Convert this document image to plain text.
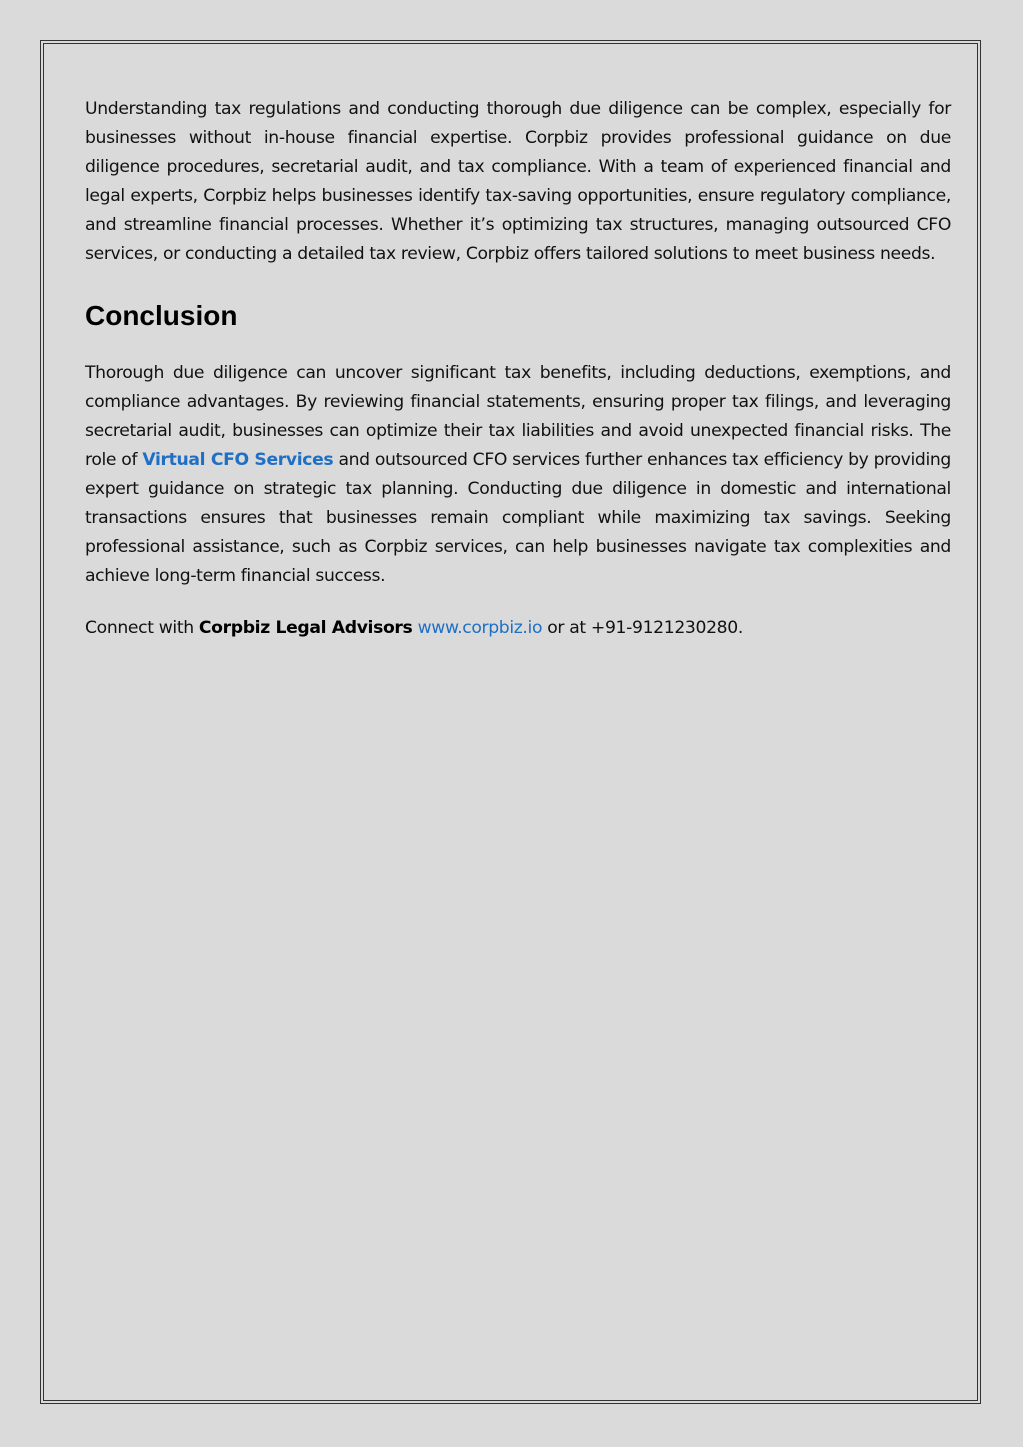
Understanding tax regulations and conducting thorough due diligence can be complex, especially for businesses without in-house financial expertise. Corpbiz provides professional guidance on due diligence procedures, secretarial audit, and tax compliance. With a team of experienced financial and legal experts, Corpbiz helps businesses identify tax-saving opportunities, ensure regulatory compliance, and streamline financial processes. Whether it’s optimizing tax structures, managing outsourced CFO services, or conducting a detailed tax review, Corpbiz offers tailored solutions to meet business needs.

Conclusion

Thorough due diligence can uncover significant tax benefits, including deductions, exemptions, and compliance advantages. By reviewing financial statements, ensuring proper tax filings, and leveraging secretarial audit, businesses can optimize their tax liabilities and avoid unexpected financial risks. The role of Virtual CFO Services and outsourced CFO services further enhances tax efficiency by providing expert guidance on strategic tax planning. Conducting due diligence in domestic and international transactions ensures that businesses remain compliant while maximizing tax savings. Seeking professional assistance, such as Corpbiz services, can help businesses navigate tax complexities and achieve long-term financial success.

Connect with Corpbiz Legal Advisors www.corpbiz.io or at +91-9121230280.
